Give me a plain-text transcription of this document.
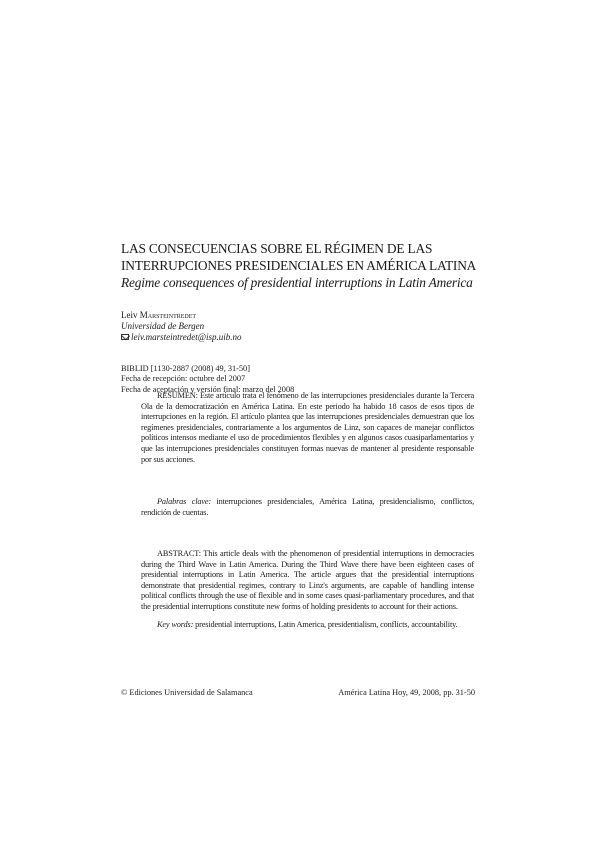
LAS CONSECUENCIAS SOBRE EL RÉGIMEN DE LAS
INTERRUPCIONES PRESIDENCIALES EN AMÉRICA LATINA
Regime consequences of presidential interruptions in Latin America
Leiv Marsteintredet
Universidad de Bergen
leiv.marsteintredet@isp.uib.no
BIBLID [1130-2887 (2008) 49, 31-50]
Fecha de recepción: octubre del 2007
Fecha de aceptación y versión final: marzo del 2008
RESUMEN: Este artículo trata el fenómeno de las interrupciones presidenciales durante la Tercera Ola de la democratización en América Latina. En este periodo ha habido 18 casos de esos tipos de interrupciones en la región. El artículo plantea que las interrupciones presidenciales demuestran que los regímenes presidenciales, contrariamente a los argumentos de Linz, son capaces de manejar conflictos políticos intensos mediante el uso de procedimientos flexibles y en algunos casos cuasiparlamentarios y que las interrupciones presidenciales constituyen formas nuevas de mantener al presidente responsable por sus acciones.
Palabras clave: interrupciones presidenciales, América Latina, presidencialismo, conflictos, rendición de cuentas.
ABSTRACT: This article deals with the phenomenon of presidential interruptions in democracies during the Third Wave in Latin America. During the Third Wave there have been eighteen cases of presidential interruptions in Latin America. The article argues that the presidential interruptions demonstrate that presidential regimes, contrary to Linz's arguments, are capable of handling intense political conflicts through the use of flexible and in some cases quasi-parliamentary procedures, and that the presidential interruptions constitute new forms of holding presidents to account for their actions.
Key words: presidential interruptions, Latin America, presidentialism, conflicts, accountability.
© Ediciones Universidad de Salamanca	América Latina Hoy, 49, 2008, pp. 31-50
